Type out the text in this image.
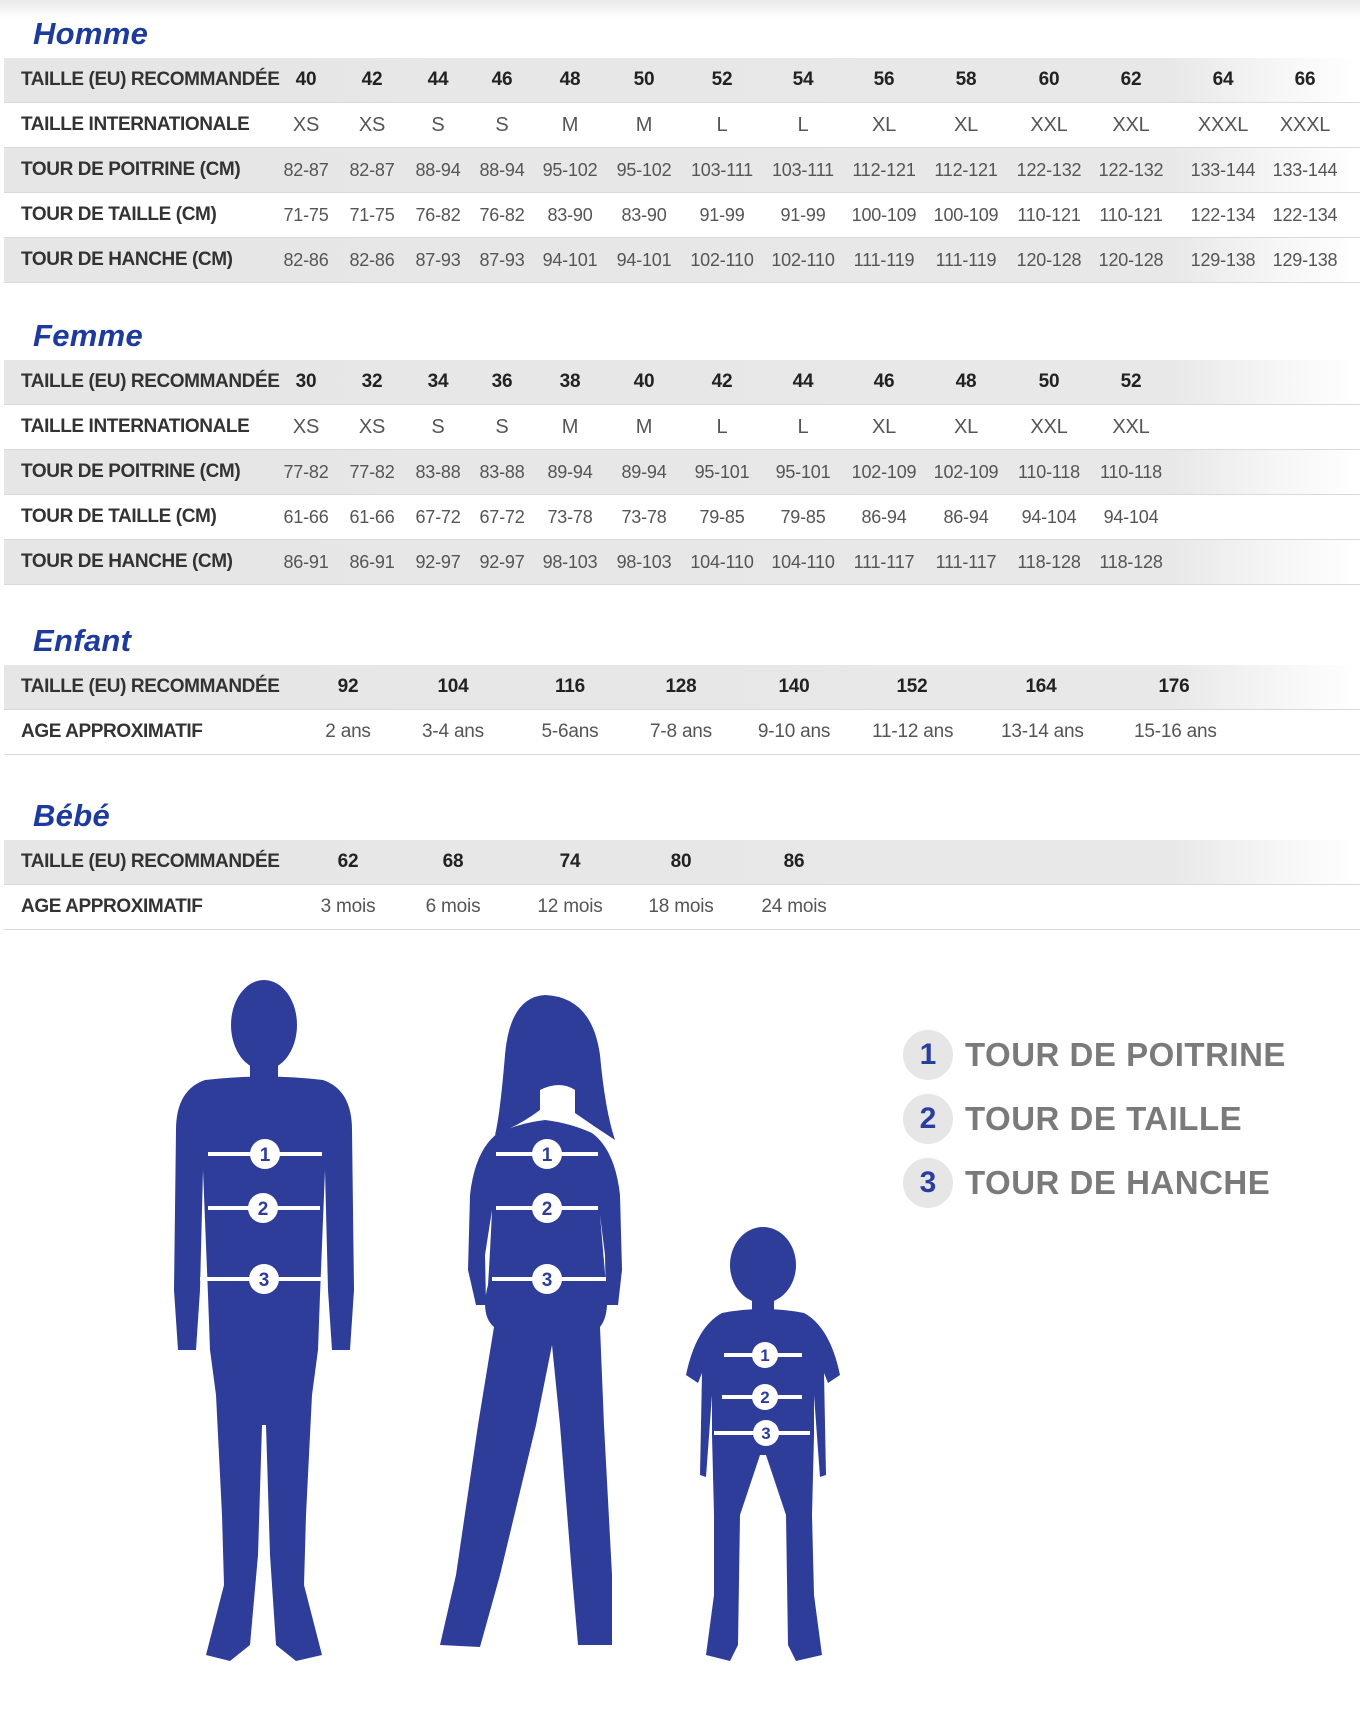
Homme
TAILLE (EU) RECOMMANDÉE 40	42	44	46	48	50	52	54	56	58	60	62	64	66
TAILLE INTERNATIONALE	XS	XS	S	S	M	M	L	L	XL	XL	XXL	XXL	XXXL	XXXL
TOUR DE POITRINE (CM)	82-87	82-87	88-94	88-94	95-102	95-102	103-111	103-111	112-121	112-121	122-132 122-132	133-144 133-144
TOUR DE TAILLE (CM)	71-75	71-75	76-82	76-82	83-90	83-90	91-99	91-99	100-109 100-109	110-121	110-121	122-134 122-134
TOUR DE HANCHE (CM)	82-86	82-86	87-93	87-93	94-101	94-101	102-110 102-110	111-119	111-119	120-128 120-128	129-138 129-138
Femme
TAILLE (EU) RECOMMANDÉE 30	32	34	36	38	40	42	44	46	48	50	52
TAILLE INTERNATIONALE	XS	XS	S	S	M	M	L	L	XL	XL	XXL	XXL
TOUR DE POITRINE (CM)	77-82	77-82	83-88	83-88	89-94	89-94	95-101	95-101	102-109 102-109	110-118	110-118
TOUR DE TAILLE (CM)	61-66	61-66	67-72	67-72	73-78	73-78	79-85	79-85	86-94	86-94	94-104	94-104
TOUR DE HANCHE (CM)	86-91	86-91	92-97	92-97	98-103	98-103	104-110 104-110	111-117	111-117	118-128	118-128
Enfant
TAILLE (EU) RECOMMANDÉE	92	104	116	128	140	152	164	176
AGE APPROXIMATIF	2 ans	3-4 ans	5-6ans	7-8 ans	9-10 ans 11-12 ans	13-14 ans	15-16 ans
Bébé
TAILLE (EU) RECOMMANDÉE	62	68	74	80	86
AGE APPROXIMATIF	3 mois	6 mois	12 mois	18 mois	24 mois
1
2
3
1
2
3
1
2
3
1 TOUR DE POITRINE
2 TOUR DE TAILLE
3 TOUR DE HANCHE
